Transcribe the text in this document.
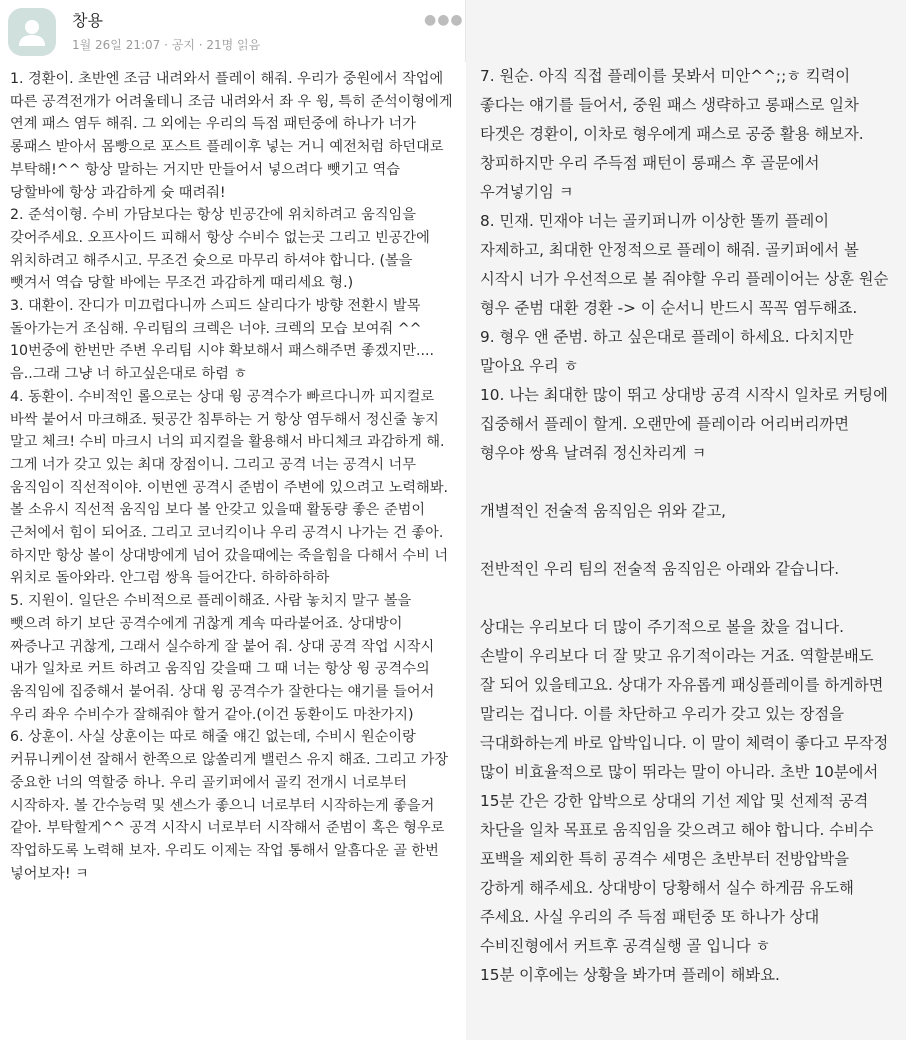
창용
1월 26일 21:07 · 공지 · 21명 읽음
●●●

1. 경환이. 초반엔 조금 내려와서 플레이 해줘. 우리가 중원에서 작업에 따른 공격전개가 어려울테니 조금 내려와서 좌 우 윙, 특히 준석이형에게 연계 패스 염두 해줘. 그 외에는 우리의 득점 패턴중에 하나가 너가 롱패스 받아서 몸빵으로 포스트 플레이후 넣는 거니 예전처럼 하던대로 부탁해!^^ 항상 말하는 거지만 만들어서 넣으려다 뺏기고 역습 당할바에 항상 과감하게 슛 때려줘!

2. 준석이형. 수비 가담보다는 항상 빈공간에 위치하려고 움직임을 갖어주세요. 오프사이드 피해서 항상 수비수 없는곳 그리고 빈공간에 위치하려고 해주시고. 무조건 슛으로 마무리 하셔야 합니다. (볼을 뺏겨서 역습 당할 바에는 무조건 과감하게 때리세요 형.)

3. 대환이. 잔디가 미끄럽다니까 스피드 살리다가 방향 전환시 발목 돌아가는거 조심해. 우리팀의 크렉은 너야. 크렉의 모습 보여줘 ^^ 10번중에 한번만 주변 우리팀 시야 확보해서 패스해주면 좋겠지만.... 음..그래 그냥 너 하고싶은대로 하렴 ㅎ

4. 동환이. 수비적인 롤으로는 상대 윙 공격수가 빠르다니까 피지컬로 바싹 붙어서 마크해죠. 뒷공간 침투하는 거 항상 염두해서 정신줄 놓지 말고 체크! 수비 마크시 너의 피지컬을 활용해서 바디체크 과감하게 해. 그게 너가 갖고 있는 최대 장점이니. 그리고 공격 너는 공격시 너무 움직임이 직선적이야. 이번엔 공격시 준범이 주변에 있으려고 노력해봐. 볼 소유시 직선적 움직임 보다 볼 안갖고 있을때 활동량 좋은 준범이 근처에서 힘이 되어죠. 그리고 코너킥이나 우리 공격시 나가는 건 좋아. 하지만 항상 볼이 상대방에게 넘어 갔을때에는 죽을힘을 다해서 수비 너 위치로 돌아와라. 안그럼 쌍욕 들어간다. 하하하하하

5. 지원이. 일단은 수비적으로 플레이해죠. 사람 놓치지 말구 볼을 뺏으려 하기 보단 공격수에게 귀찮게 계속 따라붙어죠. 상대방이 짜증나고 귀찮게, 그래서 실수하게 잘 붙어 줘. 상대 공격 작업 시작시 내가 일차로 커트 하려고 움직임 갖을때 그 때 너는 항상 윙 공격수의 움직임에 집중해서 붙어줘. 상대 윙 공격수가 잘한다는 얘기를 들어서 우리 좌우 수비수가 잘해줘야 할거 같아.(이건 동환이도 마찬가지)

6. 상훈이. 사실 상훈이는 따로 해줄 얘긴 없는데, 수비시 원순이랑 커뮤니케이션 잘해서 한쪽으로 않쏠리게 밸런스 유지 해죠. 그리고 가장 중요한 너의 역할중 하나. 우리 골키퍼에서 골킥 전개시 너로부터 시작하자. 볼 간수능력 및 센스가 좋으니 너로부터 시작하는게 좋을거 같아. 부탁할게^^ 공격 시작시 너로부터 시작해서 준범이 혹은 형우로 작업하도록 노력해 보자. 우리도 이제는 작업 통해서 알흠다운 골 한번 넣어보자! ㅋ

7. 원순. 아직 직접 플레이를 못봐서 미안^^;;ㅎ 킥력이 좋다는 얘기를 들어서, 중원 패스 생략하고 롱패스로 일차 타겟은 경환이, 이차로 형우에게 패스로 공중 활용 해보자. 창피하지만 우리 주득점 패턴이 롱패스 후 골문에서 우겨넣기임 ㅋ

8. 민재. 민재야 너는 골키퍼니까 이상한 똘끼 플레이 자제하고, 최대한 안정적으로 플레이 해줘. 골키퍼에서 볼 시작시 너가 우선적으로 볼 줘야할 우리 플레이어는 상훈 원순 형우 준범 대환 경환 -> 이 순서니 반드시 꼭꼭 염두해죠.

9. 형우 앤 준범. 하고 싶은대로 플레이 하세요. 다치지만 말아요 우리 ㅎ

10. 나는 최대한 많이 뛰고 상대방 공격 시작시 일차로 커팅에 집중해서 플레이 할게. 오랜만에 플레이라 어리버리까면 형우야 쌍욕 날려줘 정신차리게 ㅋ

개별적인 전술적 움직임은 위와 같고,

전반적인 우리 팀의 전술적 움직임은 아래와 같습니다.

상대는 우리보다 더 많이 주기적으로 볼을 찼을 겁니다. 손발이 우리보다 더 잘 맞고 유기적이라는 거죠. 역할분배도 잘 되어 있을테고요. 상대가 자유롭게 패싱플레이를 하게하면 말리는 겁니다. 이를 차단하고 우리가 갖고 있는 장점을 극대화하는게 바로 압박입니다. 이 말이 체력이 좋다고 무작정 많이 비효율적으로 많이 뛰라는 말이 아니라. 초반 10분에서 15분 간은 강한 압박으로 상대의 기선 제압 및 선제적 공격 차단을 일차 목표로 움직임을 갖으려고 해야 합니다. 수비수 포백을 제외한 특히 공격수 세명은 초반부터 전방압박을 강하게 해주세요. 상대방이 당황해서 실수 하게끔 유도해 주세요. 사실 우리의 주 득점 패턴중 또 하나가 상대 수비진형에서 커트후 공격실행 골 입니다 ㅎ

15분 이후에는 상황을 봐가며 플레이 해봐요.
